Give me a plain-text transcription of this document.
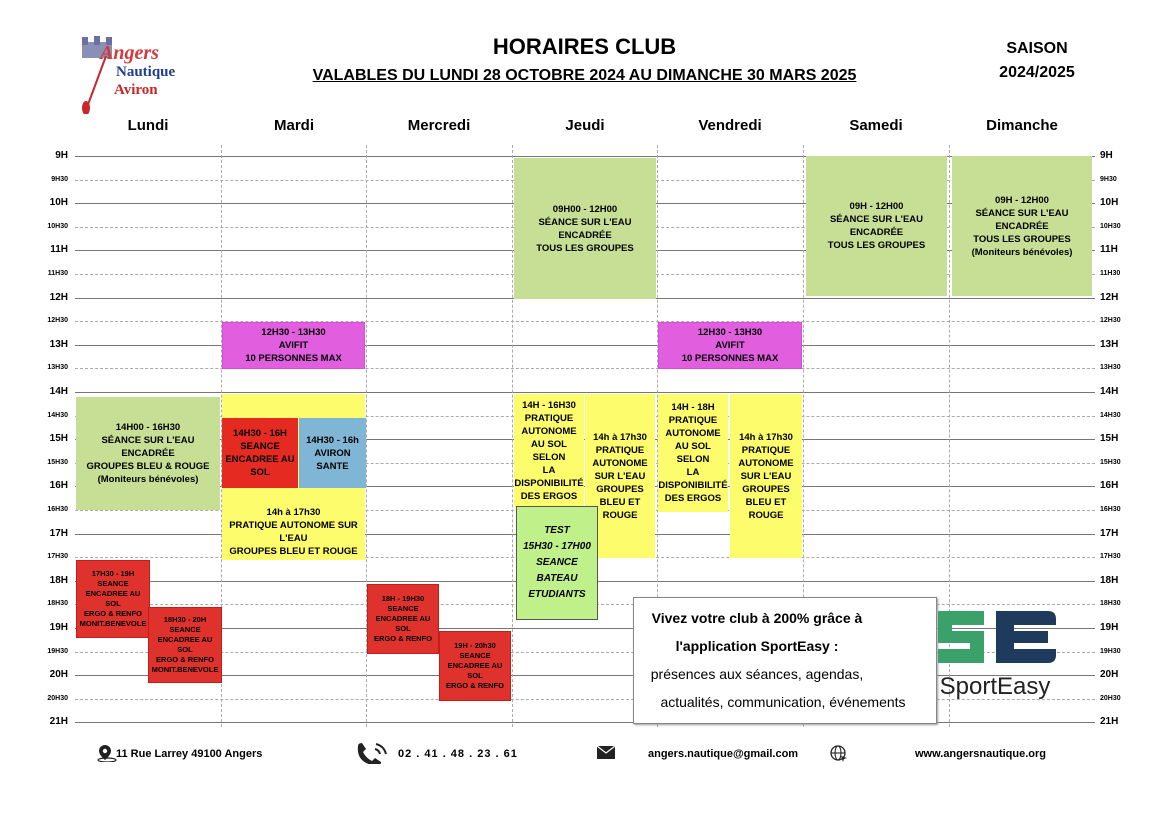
Angers
Nautique
Aviron
HORAIRES CLUB
VALABLES DU LUNDI 28 OCTOBRE 2024 AU DIMANCHE 30 MARS 2025
SAISON
2024/2025
Lundi	Mardi	Mercredi	Jeudi	Vendredi	Samedi	Dimanche
9H	9H
9H30	9H30
10H	10H
10H30	10H30
11H	11H
11H30	11H30
12H	12H
12H30	12H30
13H	13H
13H30	13H30
14H	14H
14H30	14H30
15H	15H
15H30	15H30
16H	16H
16H30	16H30
17H	17H
17H30	17H30
18H	18H
18H30	18H30
19H	19H
19H30	19H30
20H	20H
20H30	20H30
21H	21H
09H00 - 12H00
SÉANCE SUR L'EAU ENCADRÉE
TOUS LES GROUPES
09H - 12H00
SÉANCE SUR L'EAU
ENCADRÉE
TOUS LES GROUPES
09H - 12H00
SÉANCE SUR L'EAU
ENCADRÉE
TOUS LES GROUPES
(Moniteurs bénévoles)
12H30 - 13H30
AVIFIT
10 PERSONNES MAX
12H30 - 13H30
AVIFIT
10 PERSONNES MAX
14H00 - 16H30
SÉANCE SUR L'EAU ENCADRÉE
GROUPES BLEU & ROUGE
(Moniteurs bénévoles)
14h à 17h30
PRATIQUE AUTONOME SUR
L'EAU
GROUPES BLEU ET ROUGE
14H30 - 16H
SEANCE
ENCADREE AU
SOL
14H30 - 16h
AVIRON
SANTE
14H - 16H30
PRATIQUE
AUTONOME
AU SOL SELON
LA
DISPONIBILITÉ
DES ERGOS
14h à 17h30
PRATIQUE
AUTONOME
SUR L'EAU
GROUPES
BLEU ET
ROUGE
14H - 18H
PRATIQUE
AUTONOME
AU SOL SELON
LA
DISPONIBILITÉ
DES ERGOS
14h à 17h30
PRATIQUE
AUTONOME
SUR L'EAU
GROUPES
BLEU ET
ROUGE
TEST
15H30 - 17H00
SEANCE
BATEAU
ETUDIANTS
17H30 - 19H
SEANCE
ENCADREE AU
SOL
ERGO & RENFO
MONIT.BENEVOLE	18H30 - 20H
SEANCE
ENCADREE AU
SOL
ERGO & RENFO
MONIT.BENEVOLE
18H - 19H30
SEANCE
ENCADREE AU
SOL
ERGO & RENFO
19H - 20h30
SEANCE
ENCADREE AU
SOL
ERGO & RENFO
Vivez votre club à 200% grâce à
l'application SportEasy :
présences aux séances, agendas,
actualités, communication, événements
SportEasy
11 Rue Larrey 49100 Angers	02 . 41 . 48 . 23 . 61	angers.nautique@gmail.com	www.angersnautique.org
